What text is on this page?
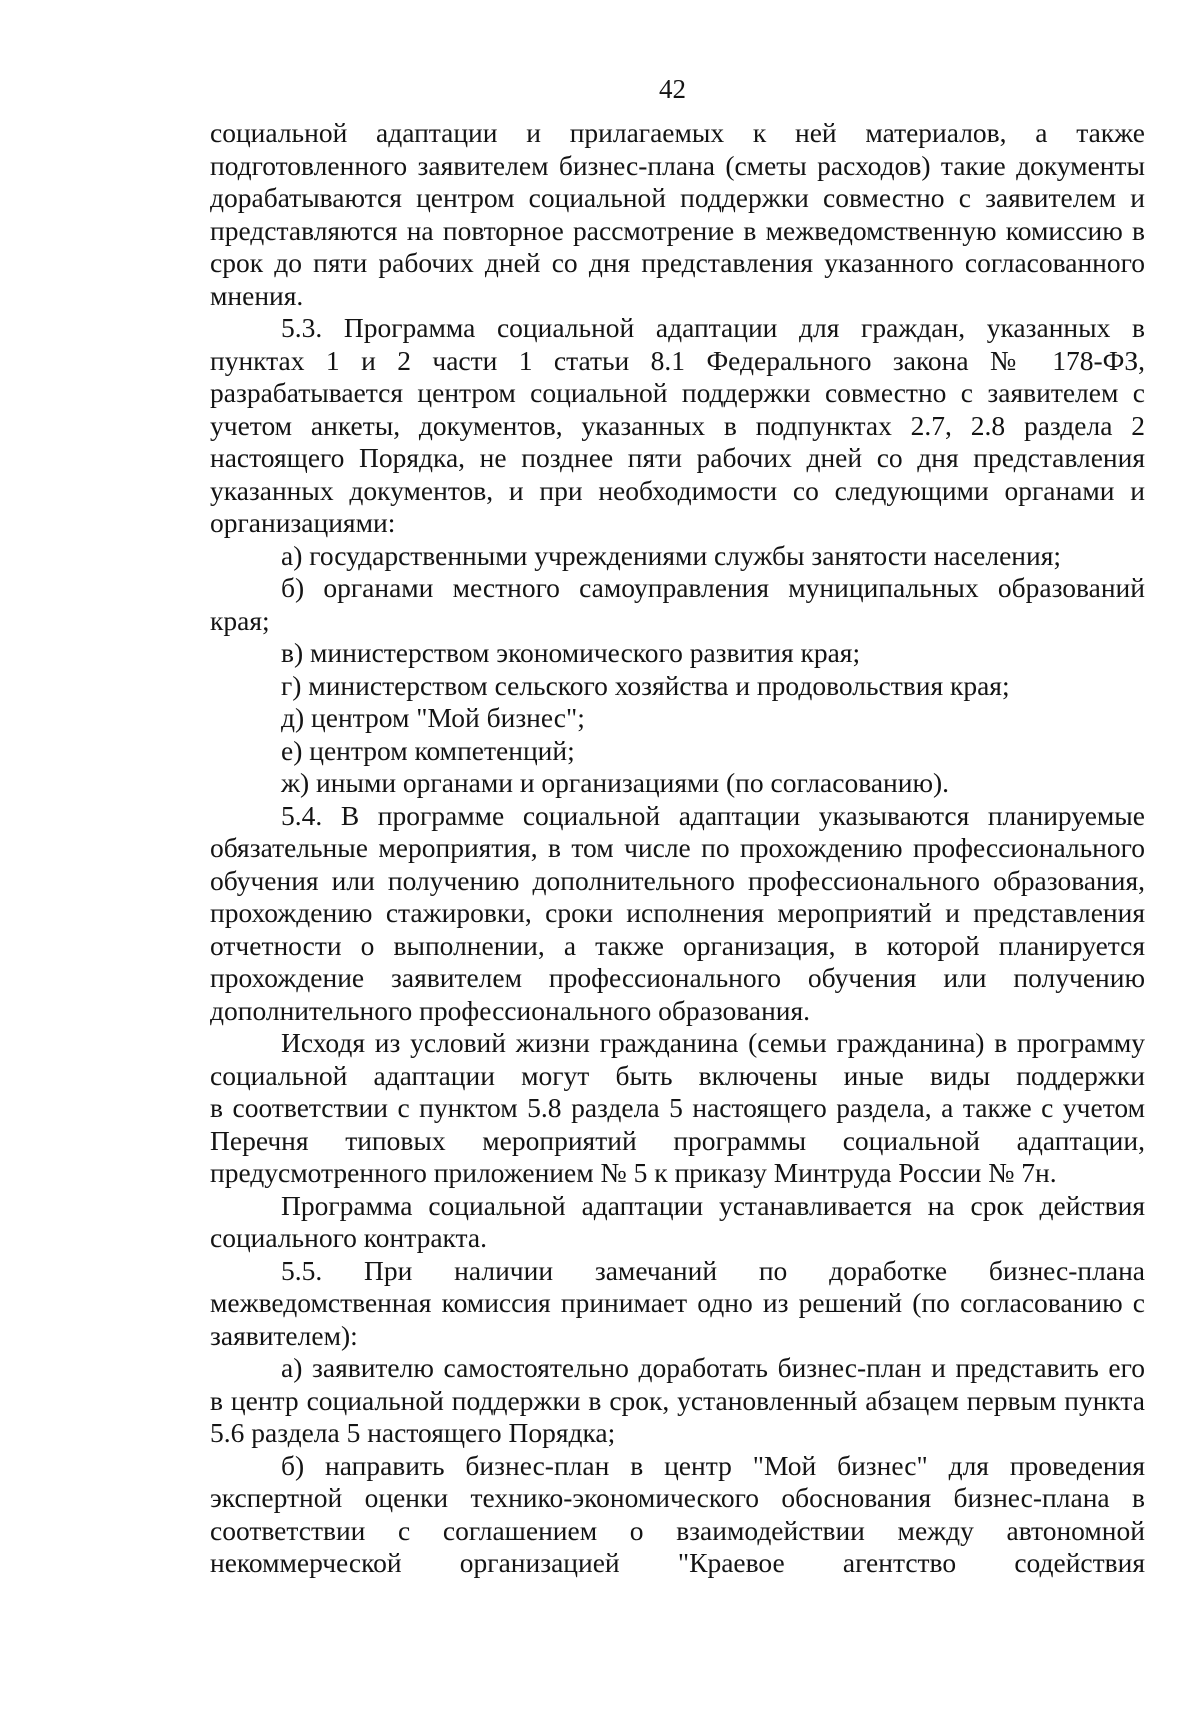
42
социальной адаптации и прилагаемых к ней материалов, а также
подготовленного заявителем бизнес-плана (сметы расходов) такие документы
дорабатываются центром социальной поддержки совместно с заявителем и
представляются на повторное рассмотрение в межведомственную комиссию в
срок до пяти рабочих дней со дня представления указанного согласованного
мнения.
5.3. Программа социальной адаптации для граждан, указанных в
пунктах 1 и 2 части 1 статьи 8.1 Федерального закона № 178-ФЗ,
разрабатывается центром социальной поддержки совместно с заявителем с
учетом анкеты, документов, указанных в подпунктах 2.7, 2.8 раздела 2
настоящего Порядка, не позднее пяти рабочих дней со дня представления
указанных документов, и при необходимости со следующими органами и
организациями:
а) государственными учреждениями службы занятости населения;
б) органами местного самоуправления муниципальных образований
края;
в) министерством экономического развития края;
г) министерством сельского хозяйства и продовольствия края;
д) центром "Мой бизнес";
е) центром компетенций;
ж) иными органами и организациями (по согласованию).
5.4. В программе социальной адаптации указываются планируемые
обязательные мероприятия, в том числе по прохождению профессионального
обучения или получению дополнительного профессионального образования,
прохождению стажировки, сроки исполнения мероприятий и представления
отчетности о выполнении, а также организация, в которой планируется
прохождение заявителем профессионального обучения или получению
дополнительного профессионального образования.
Исходя из условий жизни гражданина (семьи гражданина) в программу
социальной адаптации могут быть включены иные виды поддержки
в соответствии с пунктом 5.8 раздела 5 настоящего раздела, а также с учетом
Перечня типовых мероприятий программы социальной адаптации,
предусмотренного приложением № 5 к приказу Минтруда России № 7н.
Программа социальной адаптации устанавливается на срок действия
социального контракта.
5.5. При наличии замечаний по доработке бизнес-плана
межведомственная комиссия принимает одно из решений (по согласованию с
заявителем):
а) заявителю самостоятельно доработать бизнес-план и представить его
в центр социальной поддержки в срок, установленный абзацем первым пункта
5.6 раздела 5 настоящего Порядка;
б) направить бизнес-план в центр "Мой бизнес" для проведения
экспертной оценки технико-экономического обоснования бизнес-плана в
соответствии с соглашением о взаимодействии между автономной
некоммерческой организацией "Краевое агентство содействия
